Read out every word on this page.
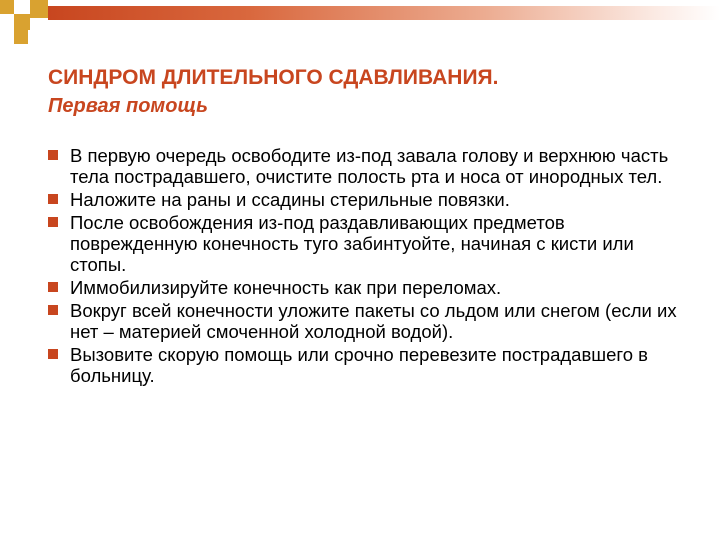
СИНДРОМ ДЛИТЕЛЬНОГО СДАВЛИВАНИЯ.
Первая помощь
В первую очередь освободите из-под завала голову и верхнюю часть тела пострадавшего, очистите полость рта и носа от инородных тел.
Наложите на раны и ссадины стерильные повязки.
После освобождения из-под раздавливающих предметов поврежденную конечность туго забинтуойте, начиная с кисти или стопы.
Иммобилизируйте конечность как при переломах.
Вокруг всей конечности уложите пакеты со льдом или снегом (если их нет – материей смоченной холодной водой).
Вызовите скорую помощь или срочно перевезите пострадавшего в больницу.
